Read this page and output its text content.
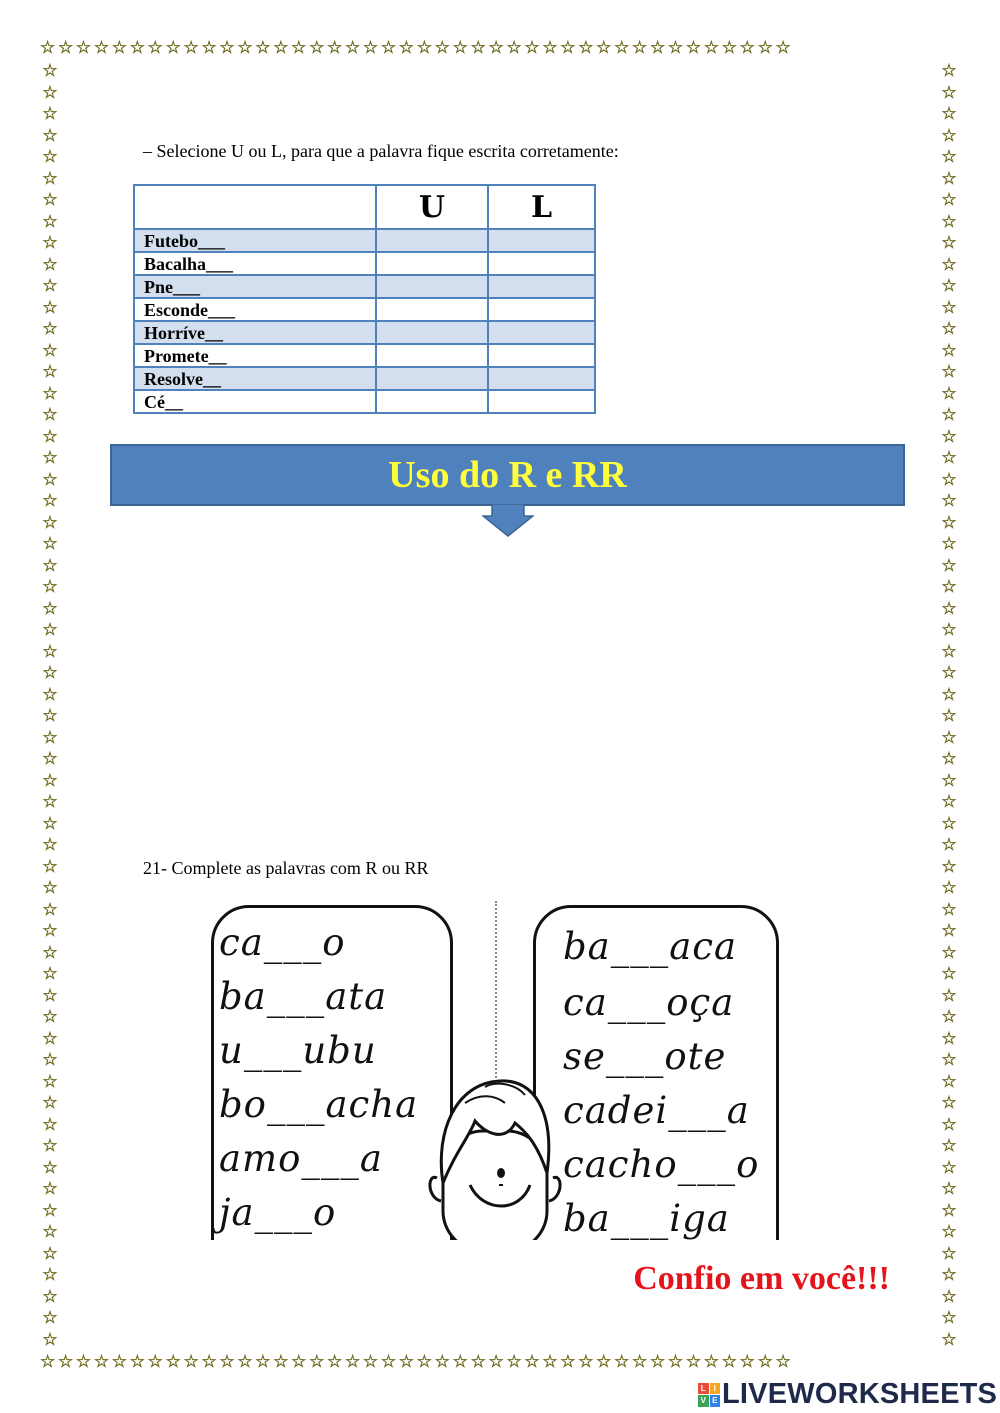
☆☆☆☆☆☆☆☆☆☆☆☆☆☆☆☆☆☆☆☆☆☆☆☆☆☆☆☆☆☆☆☆☆☆☆☆☆☆☆☆☆☆
☆☆☆☆☆☆☆☆☆☆☆☆☆☆☆☆☆☆☆☆☆☆☆☆☆☆☆☆☆☆☆☆☆☆☆☆☆☆☆☆☆☆
☆
☆
☆
☆
☆
☆
☆
☆
☆
☆
☆
☆
☆
☆
☆
☆
☆
☆
☆
☆
☆
☆
☆
☆
☆
☆
☆
☆
☆
☆
☆
☆
☆
☆
☆
☆
☆
☆
☆
☆
☆
☆
☆
☆
☆
☆
☆
☆
☆
☆
☆
☆
☆
☆
☆
☆
☆
☆
☆
☆
☆
☆
☆
☆
☆
☆
☆
☆
☆
☆
☆
☆
☆
☆
☆
☆
☆
☆
☆
☆
☆
☆
☆
☆
☆
☆
☆
☆
☆
☆
☆
☆
☆
☆
☆
☆
☆
☆
☆
☆
☆
☆
☆
☆
☆
☆
☆
☆
☆
☆
☆
☆
☆
☆
☆
☆
☆
☆
☆
☆
– Selecione U ou L, para que a palavra fique escrita corretamente:
	U	L
Futebo___		
Bacalha___		
Pne___		
Esconde___		
Horríve__		
Promete__		
Resolve__		
Cé__		
Uso do R e RR
21- Complete as palavras com R ou RR
ca___o
ba___ata
u___ubu
bo___acha
amo___a
ja___o
ba___aca
ca___oça
se___ote
cadei___a
cacho___o
ba___iga
Confio em você!!!
L I
V E LIVEWORKSHEETS
